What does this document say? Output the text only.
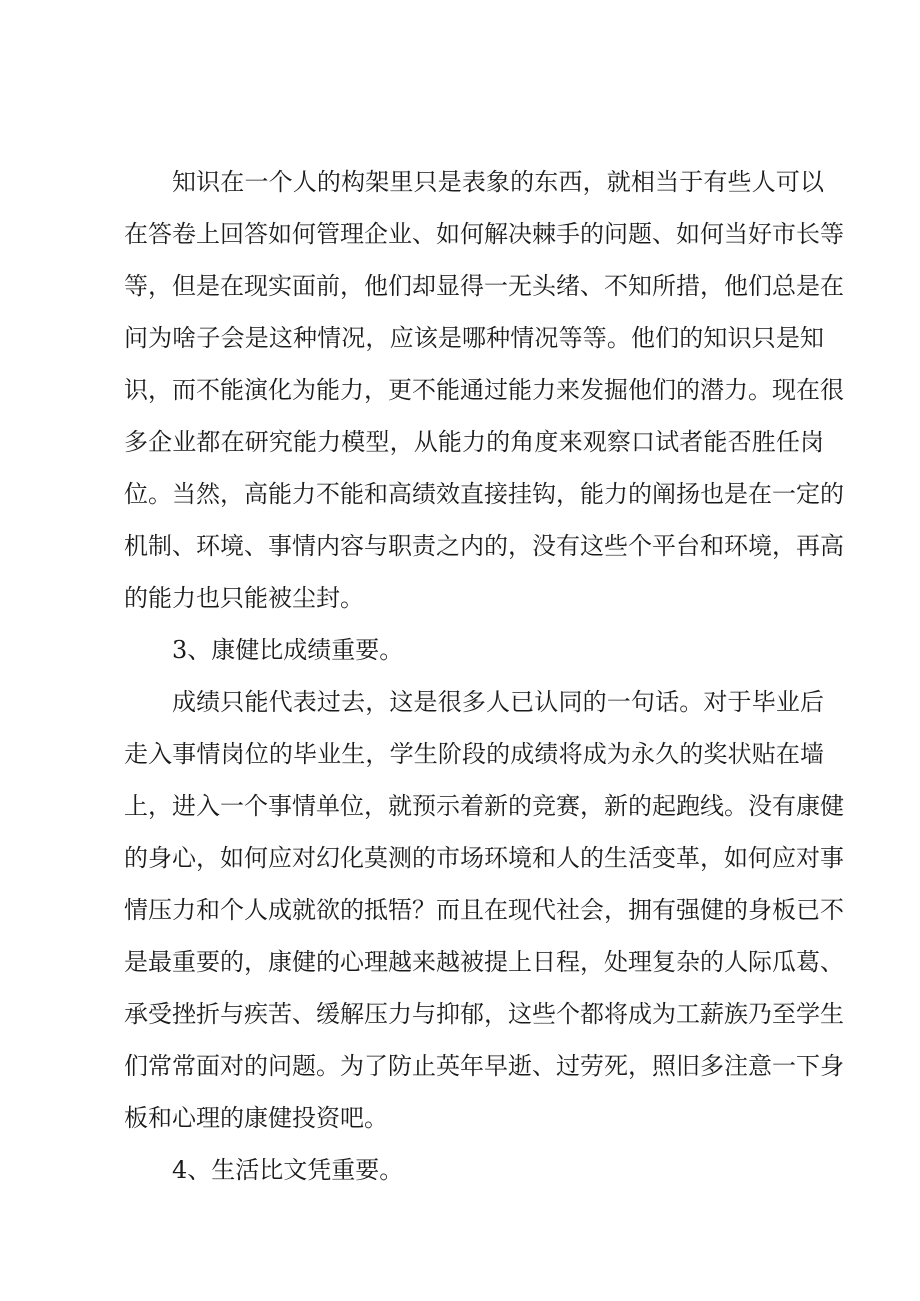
知识在一个人的构架里只是表象的东西，就相当于有些人可以
在答卷上回答如何管理企业、如何解决棘手的问题、如何当好市长等
等，但是在现实面前，他们却显得一无头绪、不知所措，他们总是在
问为啥子会是这种情况，应该是哪种情况等等。他们的知识只是知
识，而不能演化为能力，更不能通过能力来发掘他们的潜力。现在很
多企业都在研究能力模型，从能力的角度来观察口试者能否胜任岗
位。当然，高能力不能和高绩效直接挂钩，能力的阐扬也是在一定的
机制、环境、事情内容与职责之内的，没有这些个平台和环境，再高
的能力也只能被尘封。
3、康健比成绩重要。
成绩只能代表过去，这是很多人已认同的一句话。对于毕业后
走入事情岗位的毕业生，学生阶段的成绩将成为永久的奖状贴在墙
上，进入一个事情单位，就预示着新的竞赛，新的起跑线。没有康健
的身心，如何应对幻化莫测的市场环境和人的生活变革，如何应对事
情压力和个人成就欲的抵牾？而且在现代社会，拥有强健的身板已不
是最重要的，康健的心理越来越被提上日程，处理复杂的人际瓜葛、
承受挫折与疾苦、缓解压力与抑郁，这些个都将成为工薪族乃至学生
们常常面对的问题。为了防止英年早逝、过劳死，照旧多注意一下身
板和心理的康健投资吧。
4、生活比文凭重要。
